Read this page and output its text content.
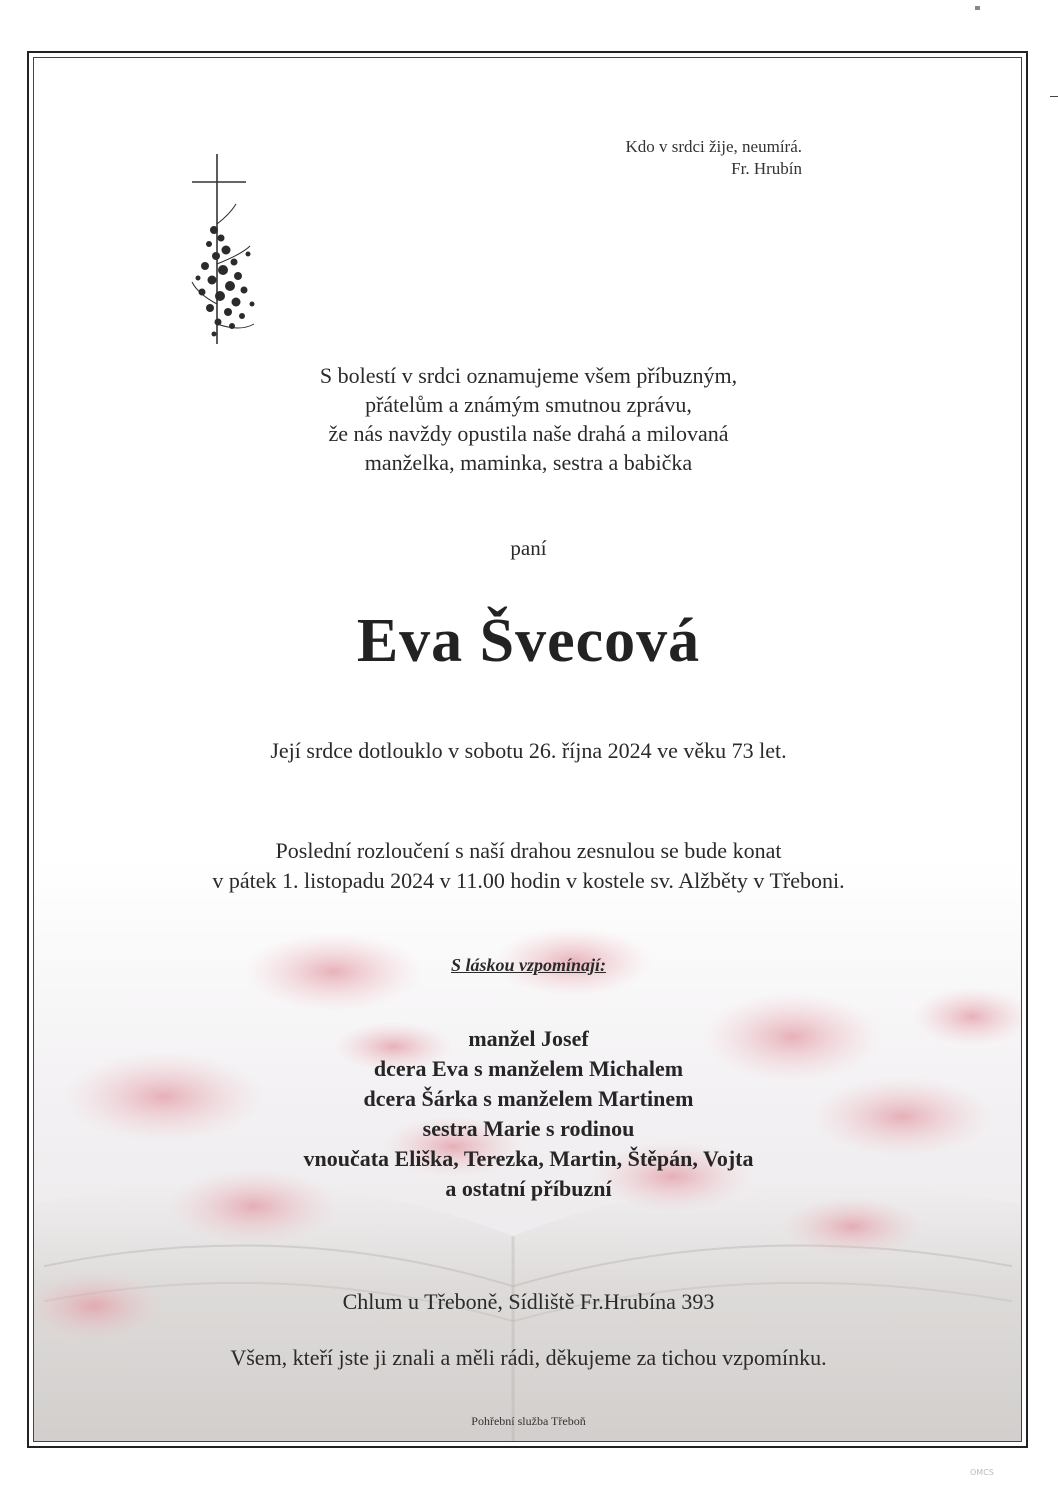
Kdo v srdci žije, neumírá.
Fr. Hrubín
S bolestí v srdci oznamujeme všem příbuzným,
přátelům a známým smutnou zprávu,
že nás navždy opustila naše drahá a milovaná
manželka, maminka, sestra a babička
paní
Eva Švecová
Její srdce dotlouklo v sobotu 26. října 2024 ve věku 73 let.
Poslední rozloučení s naší drahou zesnulou se bude konat
v pátek 1. listopadu 2024 v 11.00 hodin v kostele sv. Alžběty v Třeboni.
S láskou vzpomínají:
manžel Josef
dcera Eva s manželem Michalem
dcera Šárka s manželem Martinem
sestra Marie s rodinou
vnoučata Eliška, Terezka, Martin, Štěpán, Vojta
a ostatní příbuzní
Chlum u Třeboně, Sídliště Fr.Hrubína 393
Všem, kteří jste ji znali a měli rádi, děkujeme za tichou vzpomínku.
Pohřební služba Třeboň
OMCS
